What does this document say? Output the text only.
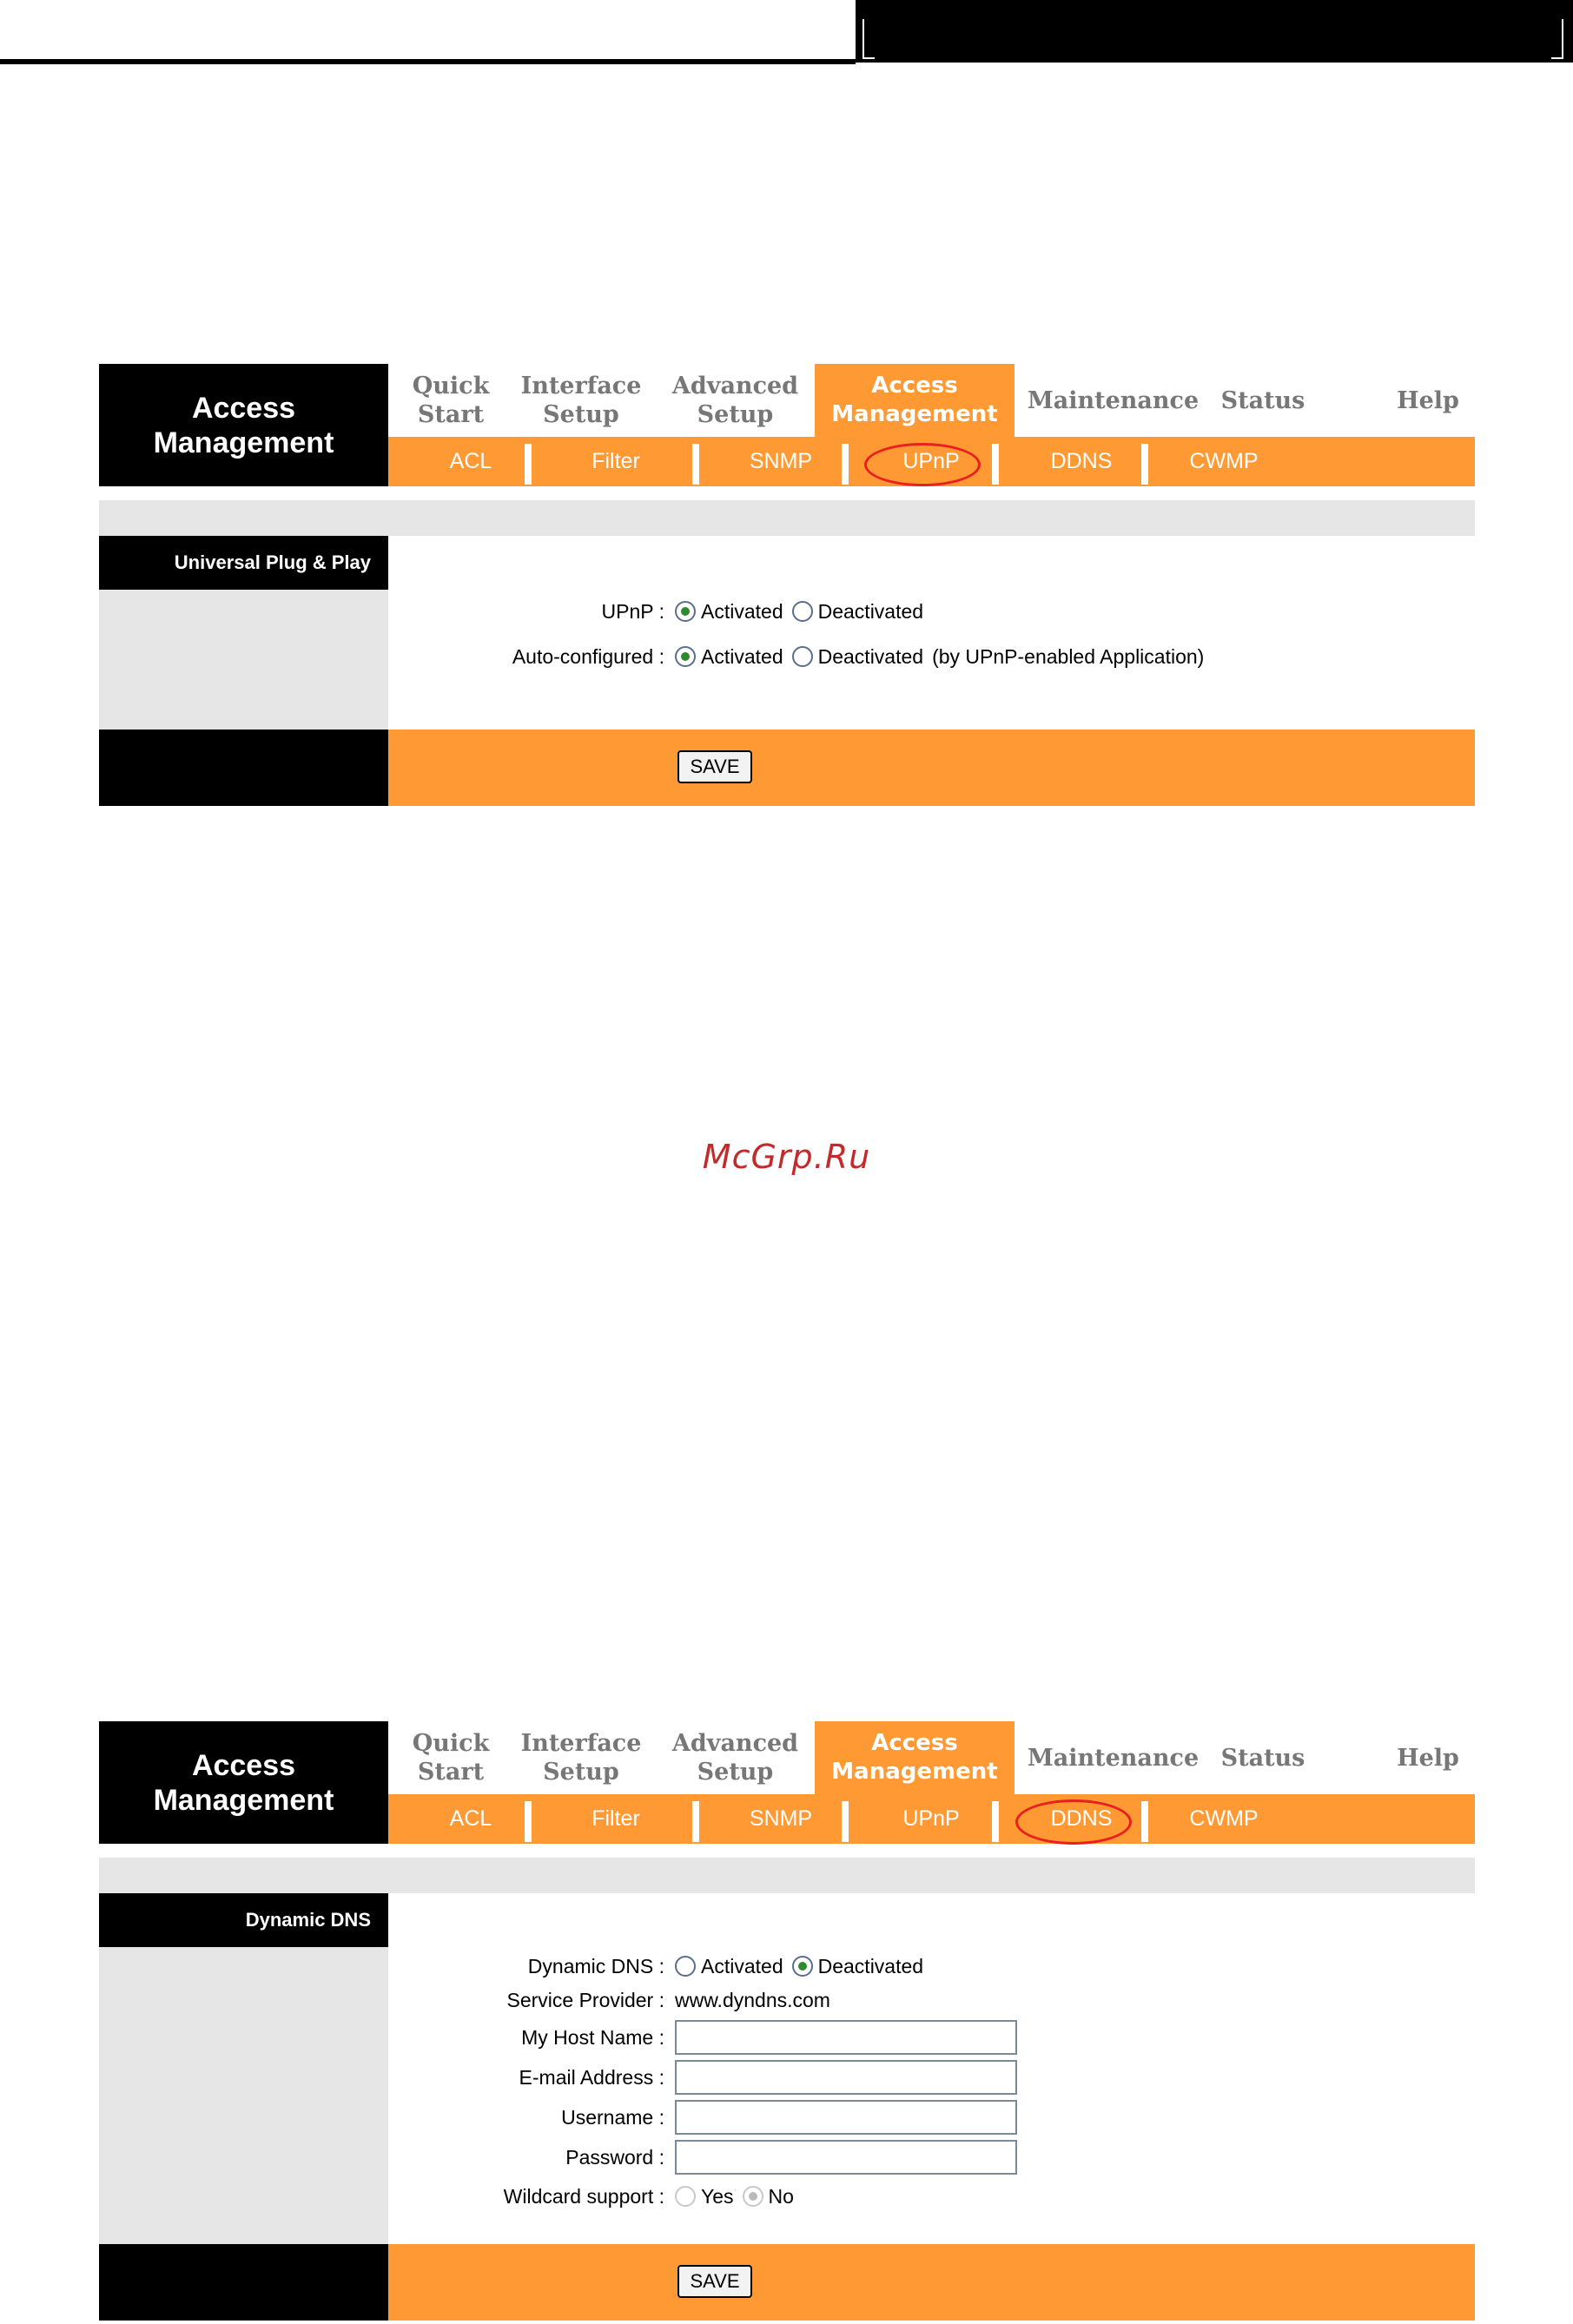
Access
Management
Quick
Start
Interface
Setup
Advanced
Setup
Access
Management
Maintenance Status	Help
ACL	Filter	SNMP	UPnP	DDNS	CWMP
Universal Plug & Play
UPnP :	Activated Deactivated
Auto-configured :	Activated Deactivated (by UPnP-enabled Application)
SAVE
McGrp.Ru
Access
Management
Quick
Start
Interface
Setup
Advanced
Setup
Access
Management
Maintenance Status	Help
ACL	Filter	SNMP	UPnP	DDNS	CWMP
Dynamic DNS
Dynamic DNS :	Activated Deactivated
Service Provider : www.dyndns.com
My Host Name :
E-mail Address :
Username :
Password :
Wildcard support :	Yes No
SAVE
